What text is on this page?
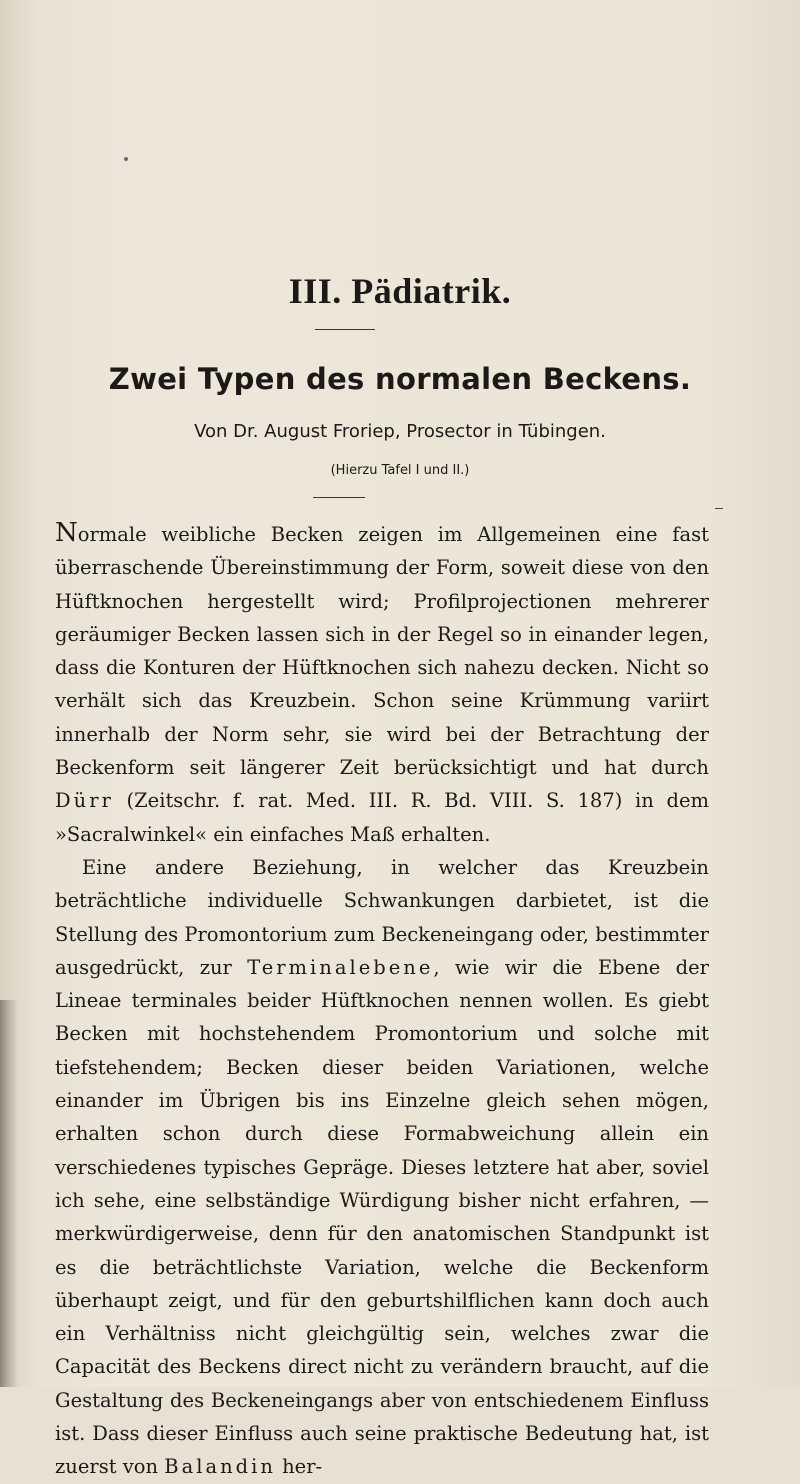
III. Pädiatrik.
Zwei Typen des normalen Beckens.
Von Dr. August Froriep, Prosector in Tübingen.
(Hierzu Tafel I und II.)

Normale weibliche Becken zeigen im Allgemeinen eine fast überraschende Übereinstimmung der Form, soweit diese von den Hüftknochen hergestellt wird; Profilprojectionen mehrerer geräumiger Becken lassen sich in der Regel so in einander legen, dass die Konturen der Hüftknochen sich nahezu decken. Nicht so verhält sich das Kreuzbein. Schon seine Krümmung variirt innerhalb der Norm sehr, sie wird bei der Betrachtung der Beckenform seit längerer Zeit berücksichtigt und hat durch Dürr (Zeitschr. f. rat. Med. III. R. Bd. VIII. S. 187) in dem »Sacralwinkel« ein einfaches Maß erhalten.

Eine andere Beziehung, in welcher das Kreuzbein beträchtliche individuelle Schwankungen darbietet, ist die Stellung des Promontorium zum Beckeneingang oder, bestimmter ausgedrückt, zur Terminalebene, wie wir die Ebene der Lineae terminales beider Hüftknochen nennen wollen. Es giebt Becken mit hochstehendem Promontorium und solche mit tiefstehendem; Becken dieser beiden Variationen, welche einander im Übrigen bis ins Einzelne gleich sehen mögen, erhalten schon durch diese Formabweichung allein ein verschiedenes typisches Gepräge. Dieses letztere hat aber, soviel ich sehe, eine selbständige Würdigung bisher nicht erfahren, — merkwürdigerweise, denn für den anatomischen Standpunkt ist es die beträchtlichste Variation, welche die Beckenform überhaupt zeigt, und für den geburtshilflichen kann doch auch ein Verhältniss nicht gleichgültig sein, welches zwar die Capacität des Beckens direct nicht zu verändern braucht, auf die Gestaltung des Beckeneingangs aber von entschiedenem Einfluss ist. Dass dieser Einfluss auch seine praktische Bedeutung hat, ist zuerst von Balandin her-
